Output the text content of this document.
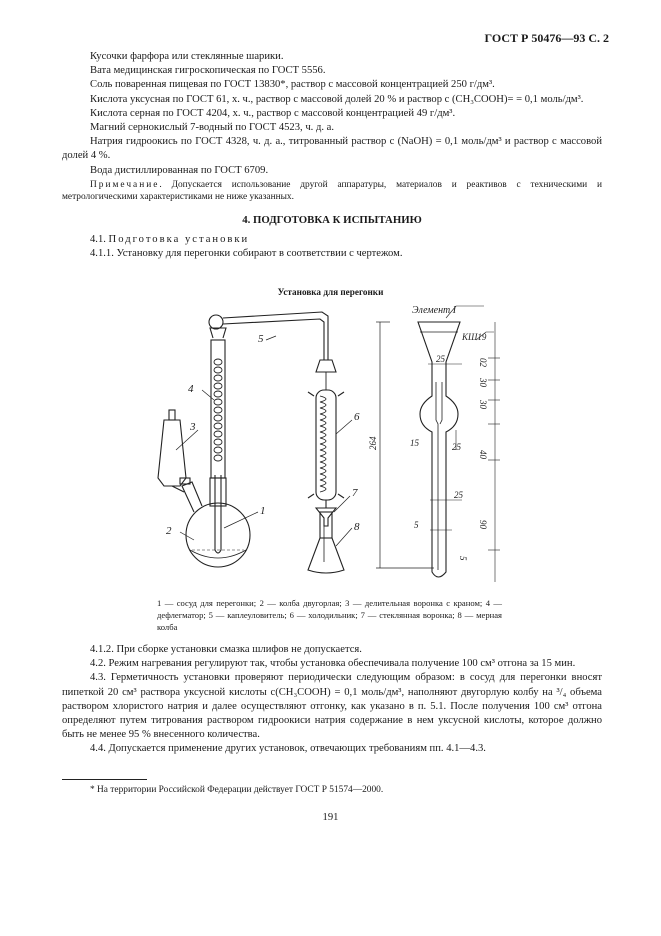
ГОСТ Р 50476—93 С. 2

Кусочки фарфора или стеклянные шарики.

Вата медицинская гигроскопическая по ГОСТ 5556.

Соль поваренная пищевая по ГОСТ 13830*, раствор с массовой концентрацией 250 г/дм³.

Кислота уксусная по ГОСТ 61, х. ч., раствор с массовой долей 20 % и раствор c (CH₃COOH)= = 0,1 моль/дм³.

Кислота серная по ГОСТ 4204, х. ч., раствор с массовой концентрацией 49 г/дм³.

Магний сернокислый 7-водный по ГОСТ 4523, ч. д. а.

Натрия гидроокись по ГОСТ 4328, ч. д. а., титрованный раствор c (NaOH) = 0,1 моль/дм³ и раствор с массовой долей 4 %.

Вода дистиллированная по ГОСТ 6709.

Примечание. Допускается использование другой аппаратуры, материалов и реактивов с техническими и метрологическими характеристиками не ниже указанных.

4. ПОДГОТОВКА К ИСПЫТАНИЮ

4.1. Подготовка установки

4.1.1. Установку для перегонки собирают в соответствии с чертежом.

Установка для перегонки
1
2
3
4
5
6
7
8
Элемент I
КШ19
25	02
30
30
15	25
40
25
90
5
5
264
1 — сосуд для перегонки; 2 — колба двугорлая; 3 — делительная воронка с краном; 4 — дефлегматор; 5 — каплеуловитель; 6 — холодильник; 7 — стеклянная воронка; 8 — мерная колба

4.1.2. При сборке установки смазка шлифов не допускается.

4.2. Режим нагревания регулируют так, чтобы установка обеспечивала получение 100 см³ отгона за 15 мин.

4.3. Герметичность установки проверяют периодически следующим образом: в сосуд для перегонки вносят пипеткой 20 см³ раствора уксусной кислоты c(CH₃COOH) = 0,1 моль/дм³, наполняют двугорлую колбу на ³/₄ объема раствором хлористого натрия и далее осуществляют отгонку, как указано в п. 5.1. После получения 100 см³ отгона определяют путем титрования раствором гидроокиси натрия содержание в нем уксусной кислоты, которое должно быть не менее 95 % внесенного количества.

4.4. Допускается применение других установок, отвечающих требованиям пп. 4.1—4.3.

* На территории Российской Федерации действует ГОСТ Р 51574—2000.
191
